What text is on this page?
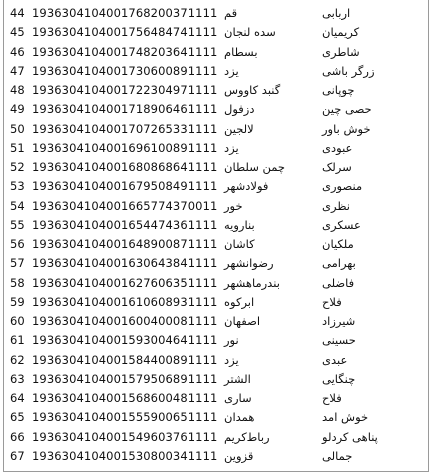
44 1936304104001768200371111 قم	اربابی
45 1936304104001756484741111 سده لنجان	کریمیان
46 1936304104001748203641111 بسطام	شاطری
47 1936304104001730600891111 یزد	زرگر باشی
48 1936304104001722304971111 گنبد کاووس	چوپانی
49 1936304104001718906461111 دزفول	حصی چین
50 1936304104001707265331111 لالجین	خوش باور
51 1936304104001696100891111 یزد	عبودی
52 1936304104001680868641111 چمن سلطان	سرلک
53 1936304104001679508491111 فولادشهر	منصوری
54 1936304104001665774370011 خور	نظری
55 1936304104001654474361111 بنارویه	عسکری
56 1936304104001648900871111 کاشان	ملکیان
57 1936304104001630643841111 رضوانشهر	بهرامی
58 1936304104001627606351111 بندرماهشهر	فاضلی
59 1936304104001610608931111 ابرکوه	فلاح
60 1936304104001600400081111 اصفهان	شیرزاد
61 1936304104001593004641111 نور	حسینی
62 1936304104001584400891111 یزد	عبدی
63 1936304104001579506891111 الشتر	چنگایی
64 1936304104001568600481111 ساری	فلاح
65 1936304104001555900651111 همدان	خوش امد
66 1936304104001549603761111 رباط‌کریم	پناهی کردلو
67 1936304104001530800341111 قزوین	جمالی
